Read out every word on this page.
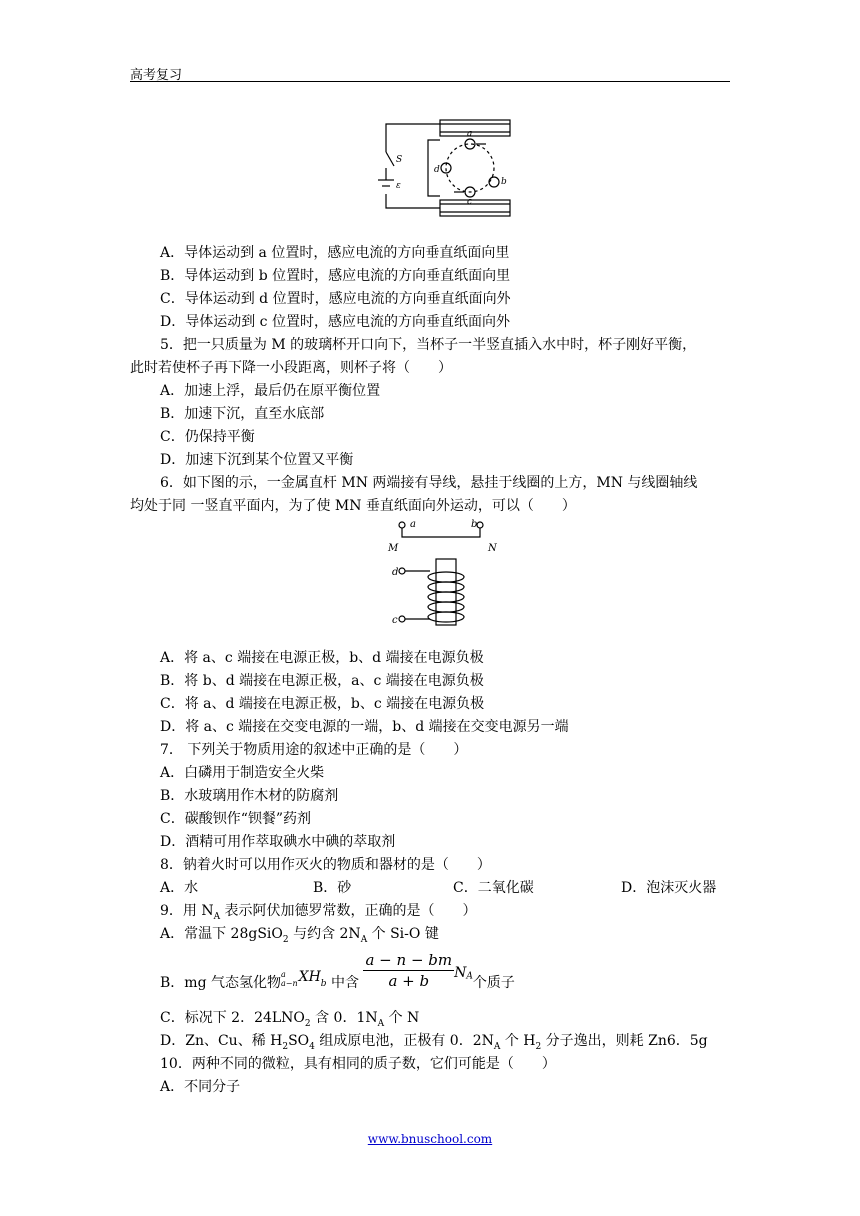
高考复习
S
ε
a
b
c
d
A．导体运动到 a 位置时，感应电流的方向垂直纸面向里
B．导体运动到 b 位置时，感应电流的方向垂直纸面向里
C．导体运动到 d 位置时，感应电流的方向垂直纸面向外
D．导体运动到 c 位置时，感应电流的方向垂直纸面向外
5．把一只质量为 M 的玻璃杯开口向下，当杯子一半竖直插入水中时，杯子刚好平衡，
此时若使杯子再下降一小段距离，则杯子将（　　）
A．加速上浮，最后仍在原平衡位置
B．加速下沉，直至水底部
C．仍保持平衡
D．加速下沉到某个位置又平衡
6．如下图的示，一金属直杆 MN 两端接有导线，悬挂于线圈的上方，MN 与线圈轴线
均处于同 一竖直平面内，为了使 MN 垂直纸面向外运动，可以（　　）
a	b
M	N
d
c
A．将 a、c 端接在电源正极，b、d 端接在电源负极
B．将 b、d 端接在电源正极，a、c 端接在电源负极
C．将 a、d 端接在电源正极，b、c 端接在电源负极
D．将 a、c 端接在交变电源的一端，b、d 端接在交变电源另一端
7． 下列关于物质用途的叙述中正确的是（　　）
A．白磷用于制造安全火柴
B．水玻璃用作木材的防腐剂
C．碳酸钡作“钡餐”药剂
D．酒精可用作萃取碘水中碘的萃取剂
8．钠着火时可以用作灭火的物质和器材的是（　　）
A．水	B．砂	C．二氧化碳	D．泡沫灭火器
9．用 $N_A$ 表示阿伏加德罗常数，正确的是（　　）
A．常温下 28gSiO$_2$ 与约含 $2N_A$ 个 Si-O 键
B．mg 气态氢化物
a
a−n $XH_b$ 中含 $\frac{a - n - bm}{a + b} N_A$个质子
C．标况下 2．$24LNO_2$ 含 0．$1N_A$ 个 N
D．Zn、Cu、稀 $H_2SO_4$ 组成原电池，正极有 0．$2N_A$ 个 $H_2$ 分子逸出，则耗 Zn6．5g
10．两种不同的微粒，具有相同的质子数，它们可能是（　　）
A．不同分子
www.bnuschool.com
